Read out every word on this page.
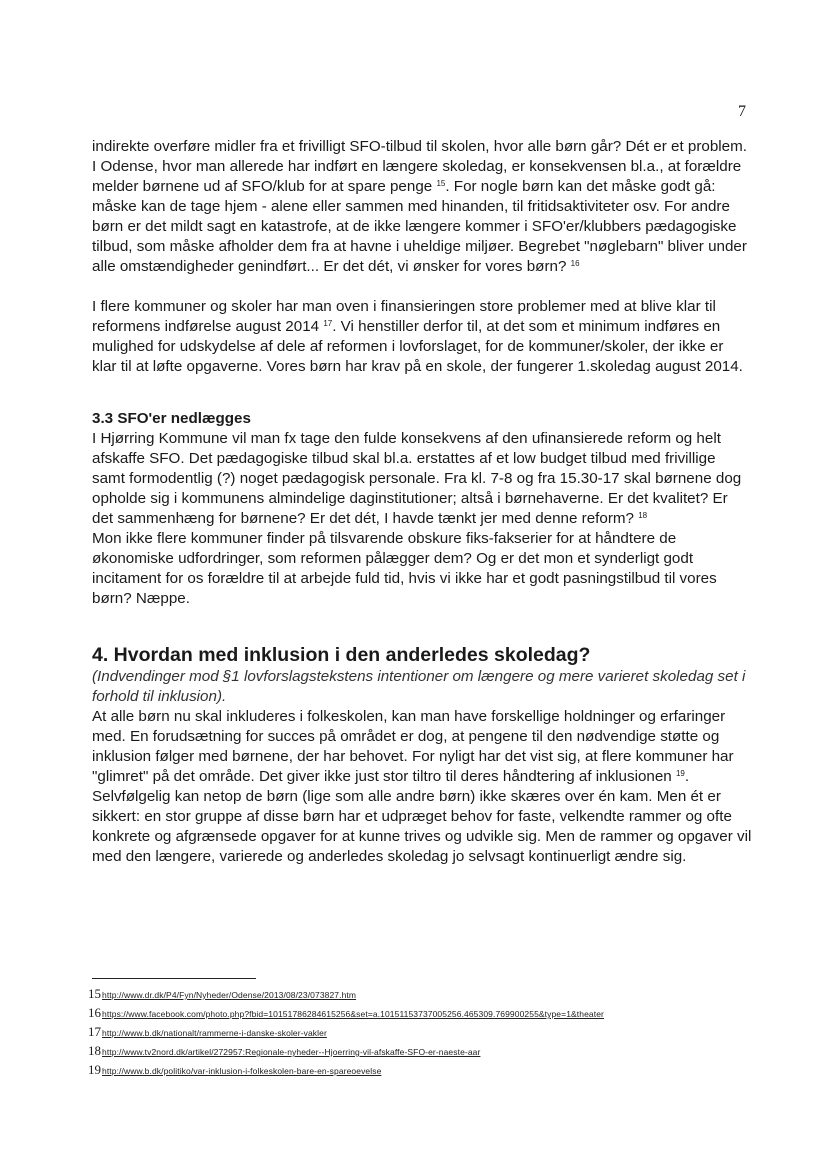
7

indirekte overføre midler fra et frivilligt SFO-tilbud til skolen, hvor alle børn går? Dét er et problem.

I Odense, hvor man allerede har indført en længere skoledag, er konsekvensen bl.a., at forældre melder børnene ud af SFO/klub for at spare penge $^{15}$. For nogle børn kan det måske godt gå: måske kan de tage hjem - alene eller sammen med hinanden, til fritidsaktiviteter osv. For andre børn er det mildt sagt en katastrofe, at de ikke længere kommer i SFO'er/klubbers pædagogiske tilbud, som måske afholder dem fra at havne i uheldige miljøer. Begrebet "nøglebarn" bliver under alle omstændigheder genindført... Er det dét, vi ønsker for vores børn? $^{16}$

I flere kommuner og skoler har man oven i finansieringen store problemer med at blive klar til reformens indførelse august 2014 $^{17}$. Vi henstiller derfor til, at det som et minimum indføres en mulighed for udskydelse af dele af reformen i lovforslaget, for de kommuner/skoler, der ikke er klar til at løfte opgaverne. Vores børn har krav på en skole, der fungerer 1.skoledag august 2014.

3.3 SFO'er nedlægges

I Hjørring Kommune vil man fx tage den fulde konsekvens af den ufinansierede reform og helt afskaffe SFO. Det pædagogiske tilbud skal bl.a. erstattes af et low budget tilbud med frivillige samt formodentlig (?) noget pædagogisk personale. Fra kl. 7-8 og fra 15.30-17 skal børnene dog opholde sig i kommunens almindelige daginstitutioner; altså i børnehaverne. Er det kvalitet? Er det sammenhæng for børnene? Er det dét, I havde tænkt jer med denne reform? $^{18}$

Mon ikke flere kommuner finder på tilsvarende obskure fiks-fakserier for at håndtere de økonomiske udfordringer, som reformen pålægger dem? Og er det mon et synderligt godt incitament for os forældre til at arbejde fuld tid, hvis vi ikke har et godt pasningstilbud til vores børn? Næppe.

4. Hvordan med inklusion i den anderledes skoledag?

(Indvendinger mod §1 lovforslagstekstens intentioner om længere og mere varieret skoledag set i forhold til inklusion).

At alle børn nu skal inkluderes i folkeskolen, kan man have forskellige holdninger og erfaringer med. En forudsætning for succes på området er dog, at pengene til den nødvendige støtte og inklusion følger med børnene, der har behovet. For nyligt har det vist sig, at flere kommuner har "glimret" på det område. Det giver ikke just stor tiltro til deres håndtering af inklusionen $^{19}$.

Selvfølgelig kan netop de børn (lige som alle andre børn) ikke skæres over én kam. Men ét er sikkert: en stor gruppe af disse børn har et udpræget behov for faste, velkendte rammer og ofte konkrete og afgrænsede opgaver for at kunne trives og udvikle sig. Men de rammer og opgaver vil med den længere, varierede og anderledes skoledag jo selvsagt kontinuerligt ændre sig.

15 http://www.dr.dk/P4/Fyn/Nyheder/Odense/2013/08/23/073827.htm
16 https://www.facebook.com/photo.php?fbid=10151786284615256&set=a.10151153737005256.465309.769900255&type=1&theater
17 http://www.b.dk/nationalt/rammerne-i-danske-skoler-vakler
18 http://www.tv2nord.dk/artikel/272957:Regionale-nyheder--Hjoerring-vil-afskaffe-SFO-er-naeste-aar
19 http://www.b.dk/politiko/var-inklusion-i-folkeskolen-bare-en-spareoevelse
